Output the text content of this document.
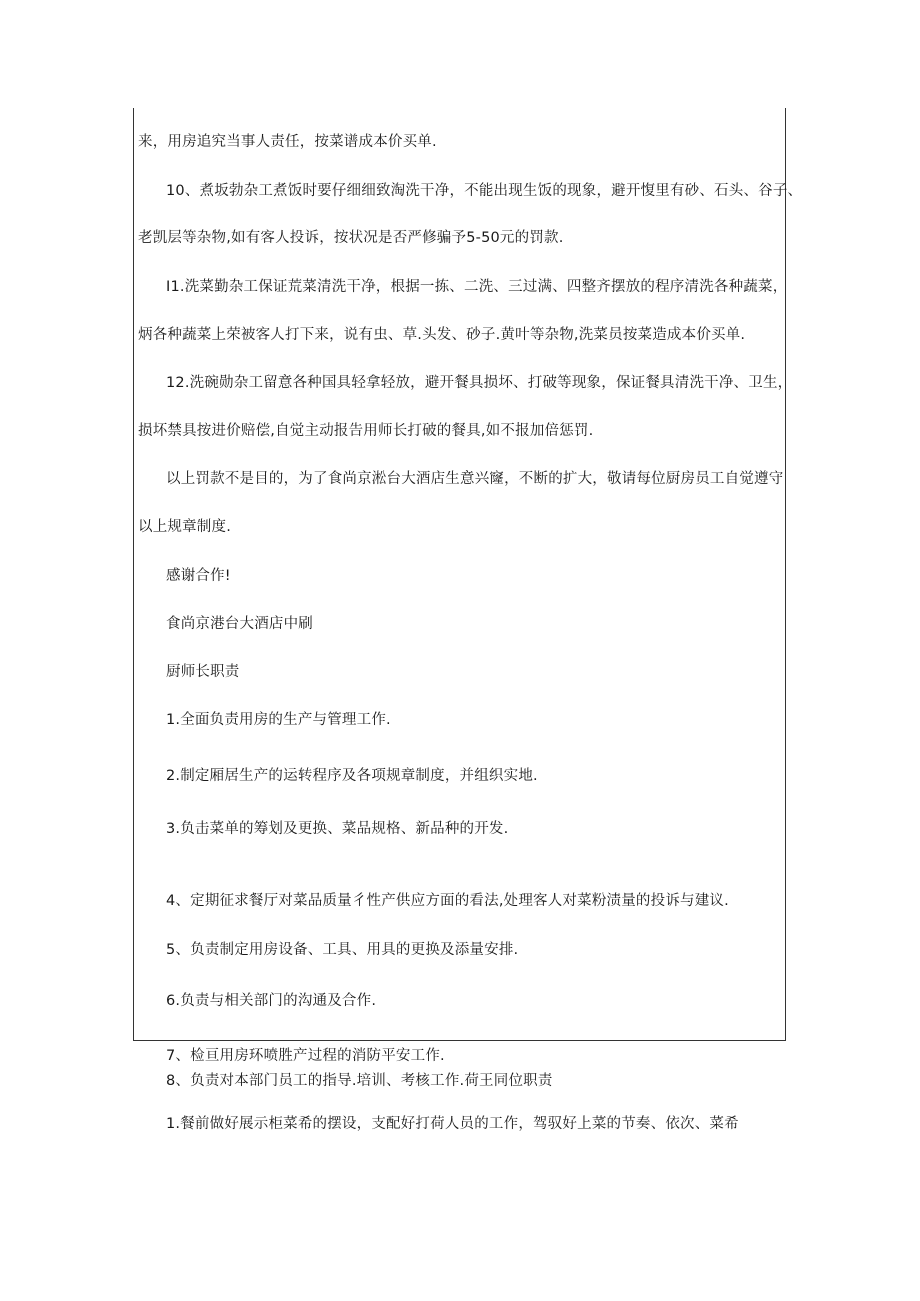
来，用房追究当事人责任，按菜谱成本价买单.
10、煮坂勃杂工煮饭时要仔细细致淘洗干净，不能出现生饭的现象，避开愎里有砂、石头、谷子、
老凯层等杂物,如有客人投诉，按状况是否严修骗予5-50元的罚款.
I1.洗菜勤杂工保证荒菜清洗干净，根据一拣、二洗、三过满、四整齐摆放的程序清洗各种蔬菜，
炳各种蔬菜上荣被客人打下来，说有虫、草.头发、砂子.黄叶等杂物,洗菜员按菜造成本价买单.
12.洗碗勋杂工留意各种国具轻拿轻放，避开餐具损坏、打破等现象，保证餐具清洗干净、卫生，
损坏禁具按进价赔偿,自觉主动报告用师长打破的餐具,如不报加倍惩罚.
以上罚款不是目的，为了食尚京淞台大酒店生意兴窿，不断的扩大，敬请每位厨房员工自觉遵守
以上规章制度.
感谢合作!
食尚京港台大酒店中刷
厨师长职责
1.全面负责用房的生产与管理工作.
2.制定厢居生产的运转程序及各项规章制度，并组织实地.
3.负击菜单的筹划及更换、菜品规格、新品种的开发.
4、定期征求餐厅对菜品质量彳性产供应方面的看法,处理客人对菜粉渍量的投诉与建议.
5、负责制定用房设备、工具、用具的更换及添量安排.
6.负责与相关部门的沟通及合作.
7、检亘用房环喷胜产过程的消防平安工作.
8、负责对本部门员工的指导.培训、考核工作.荷王同位职责
1.餐前做好展示柜菜希的摆设，支配好打荷人员的工作，驾驭好上菜的节奏、依次、菜希
